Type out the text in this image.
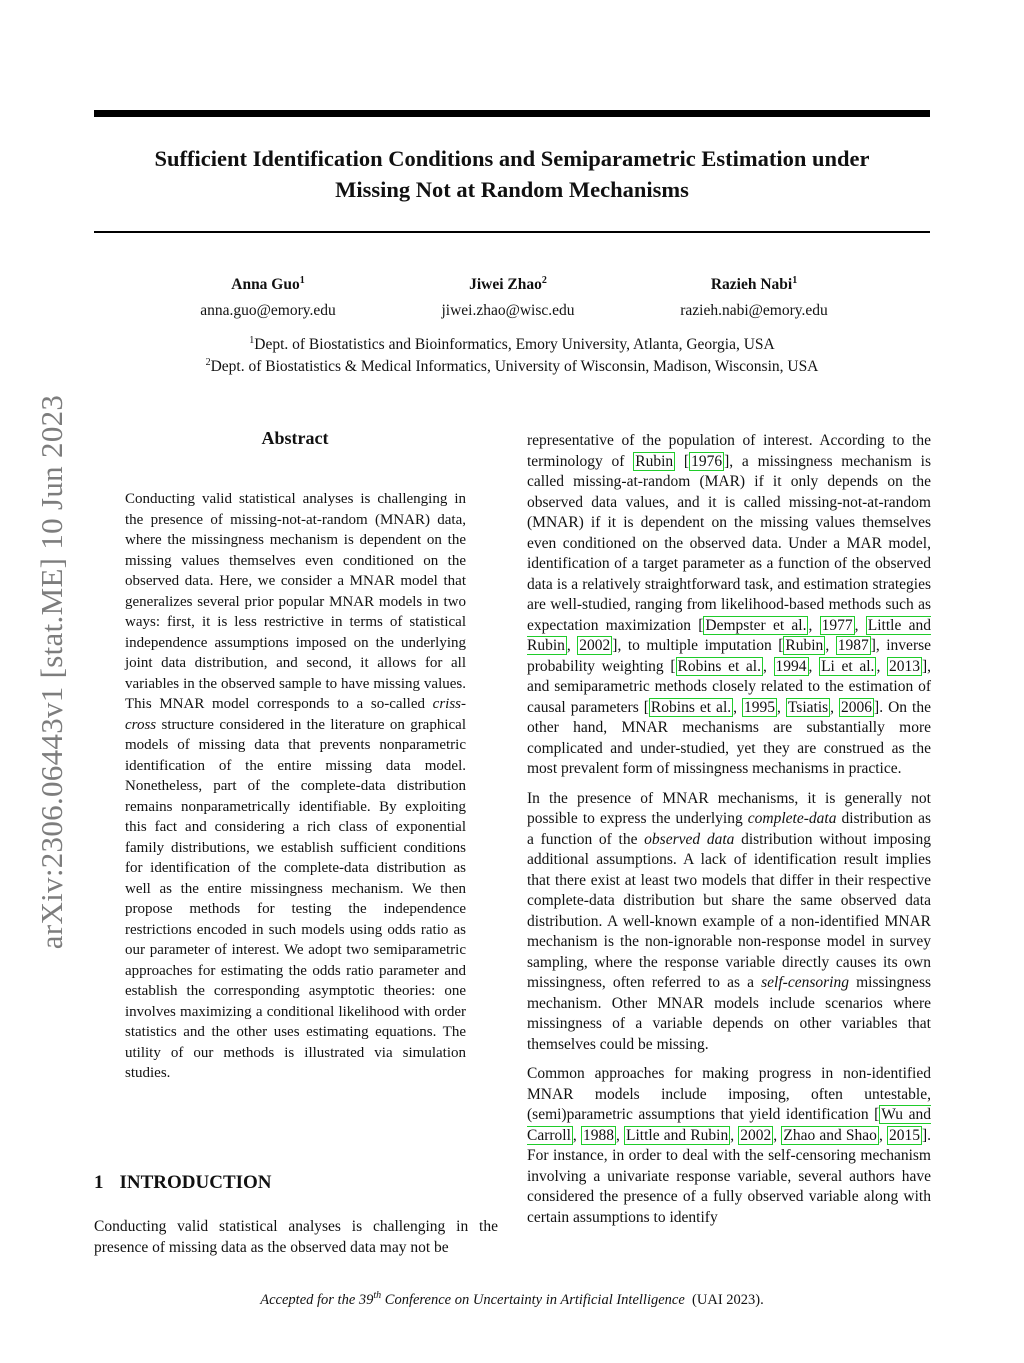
arXiv:2306.06443v1 [stat.ME] 10 Jun 2023
Sufficient Identification Conditions and Semiparametric Estimation under
Missing Not at Random Mechanisms
Anna Guo$^1$
anna.guo@emory.edu
Jiwei Zhao$^2$
jiwei.zhao@wisc.edu
Razieh Nabi$^1$
razieh.nabi@emory.edu
$^1$Dept. of Biostatistics and Bioinformatics, Emory University, Atlanta, Georgia, USA
$^2$Dept. of Biostatistics & Medical Informatics, University of Wisconsin, Madison, Wisconsin, USA
Abstract

Conducting valid statistical analyses is challenging in the presence of missing-not-at-random (MNAR) data, where the missingness mechanism is dependent on the missing values themselves even conditioned on the observed data. Here, we consider a MNAR model that generalizes several prior popular MNAR models in two ways: first, it is less restrictive in terms of statistical independence assumptions imposed on the underlying joint data distribution, and second, it allows for all variables in the observed sample to have missing values. This MNAR model corresponds to a so-called criss-cross structure considered in the literature on graphical models of missing data that prevents nonparametric identification of the entire missing data model. Nonetheless, part of the complete-data distribution remains nonparametrically identifiable. By exploiting this fact and considering a rich class of exponential family distributions, we establish sufficient conditions for identification of the complete-data distribution as well as the entire missingness mechanism. We then propose methods for testing the independence restrictions encoded in such models using odds ratio as our parameter of interest. We adopt two semiparametric approaches for estimating the odds ratio parameter and establish the corresponding asymptotic theories: one involves maximizing a conditional likelihood with order statistics and the other uses estimating equations. The utility of our methods is illustrated via simulation studies.

1 INTRODUCTION

Conducting valid statistical analyses is challenging in the presence of missing data as the observed data may not be

representative of the population of interest. According to the terminology of Rubin [ 1976 ], a missingness mechanism is called missing-at-random (MAR) if it only depends on the observed data values, and it is called missing-not-at-random (MNAR) if it is dependent on the missing values themselves even conditioned on the observed data. Under a MAR model, identification of a target parameter as a function of the observed data is a relatively straightforward task, and estimation strategies are well-studied, ranging from likelihood-based methods such as expectation maximization [ Dempster et al. , 1977 , Little and Rubin , 2002 ], to multiple imputation [ Rubin , 1987 ], inverse probability weighting [ Robins et al. , 1994 , Li et al. , 2013 ], and semiparametric methods closely related to the estimation of causal parameters [ Robins et al. , 1995 , Tsiatis , 2006 ]. On the other hand, MNAR mechanisms are substantially more complicated and under-studied, yet they are construed as the most prevalent form of missingness mechanisms in practice.

In the presence of MNAR mechanisms, it is generally not possible to express the underlying complete-data distribution as a function of the observed data distribution without imposing additional assumptions. A lack of identification result implies that there exist at least two models that differ in their respective complete-data distribution but share the same observed data distribution. A well-known example of a non-identified MNAR mechanism is the non-ignorable non-response model in survey sampling, where the response variable directly causes its own missingness, often referred to as a self-censoring missingness mechanism. Other MNAR models include scenarios where missingness of a variable depends on other variables that themselves could be missing.

Common approaches for making progress in non-identified MNAR models include imposing, often untestable, (semi)parametric assumptions that yield identification [ Wu and Carroll , 1988 , Little and Rubin , 2002 , Zhao and Shao , 2015 ]. For instance, in order to deal with the self-censoring mechanism involving a univariate response variable, several authors have considered the presence of a fully observed variable along with certain assumptions to identify

Accepted for the 39th Conference on Uncertainty in Artificial Intelligence (UAI 2023).
